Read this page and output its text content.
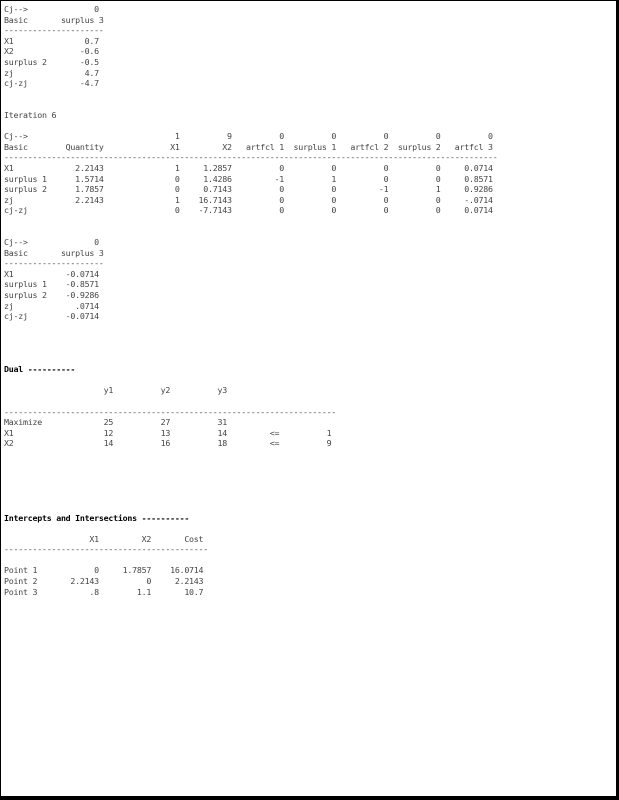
Cj-->              0
Basic       surplus 3
---------------------
X1               0.7
X2              -0.6
surplus 2       -0.5
zj               4.7
cj-zj           -4.7
Iteration 6
Cj-->                               1          9          0          0          0          0          0
Basic        Quantity              X1         X2   artfcl 1  surplus 1   artfcl 2  surplus 2   artfcl 3
--------------------------------------------------------------------------------------------------------
X1             2.2143               1     1.2857          0          0          0          0     0.0714
surplus 1      1.5714               0     1.4286         -1          1          0          0     0.8571
surplus 2      1.7857               0     0.7143          0          0         -1          1     0.9286
zj             2.2143               1    16.7143          0          0          0          0     -.0714
cj-zj                               0    -7.7143          0          0          0          0     0.0714
Cj-->              0
Basic       surplus 3
---------------------
X1           -0.0714
surplus 1    -0.8571
surplus 2    -0.9286
zj             .0714
cj-zj        -0.0714
Dual ----------
y1          y2          y3
----------------------------------------------------------------------
Maximize             25          27          31
X1                   12          13          14         <=          1
X2                   14          16          18         <=          9
Intercepts and Intersections ----------
X1         X2       Cost
-------------------------------------------
Point 1            0     1.7857    16.0714
Point 2       2.2143          0     2.2143
Point 3           .8        1.1       10.7
